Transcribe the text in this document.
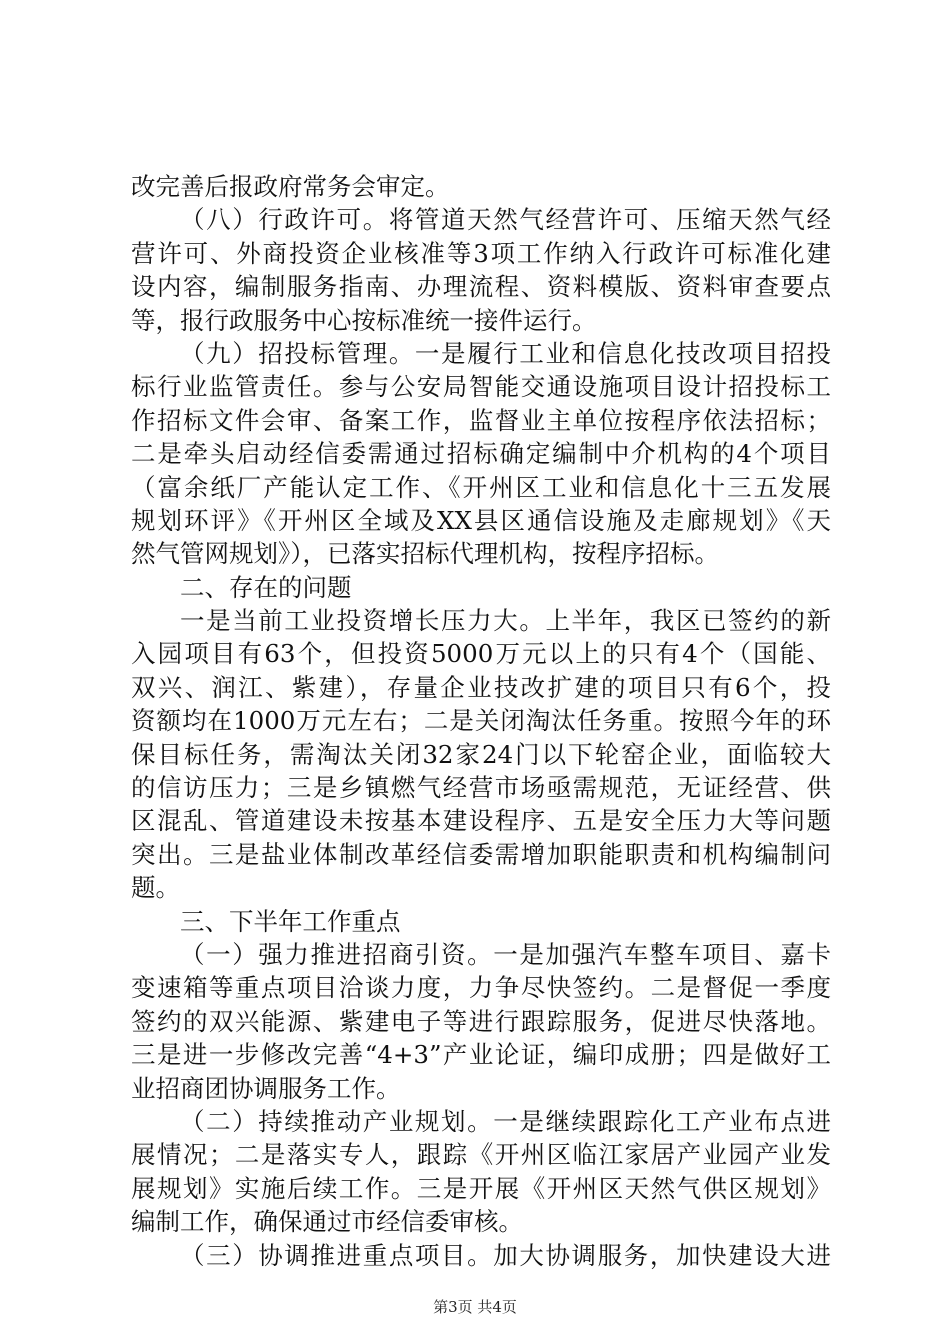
改完善后报政府常务会审定。
（八）行政许可。将管道天然气经营许可、压缩天然气经
营许可、外商投资企业核准等3项工作纳入行政许可标准化建
设内容，编制服务指南、办理流程、资料模版、资料审查要点
等，报行政服务中心按标准统一接件运行。
（九）招投标管理。一是履行工业和信息化技改项目招投
标行业监管责任。参与公安局智能交通设施项目设计招投标工
作招标文件会审、备案工作，监督业主单位按程序依法招标；
二是牵头启动经信委需通过招标确定编制中介机构的4个项目
（富余纸厂产能认定工作、《开州区工业和信息化十三五发展
规划环评》《开州区全域及XX县区通信设施及走廊规划》《天
然气管网规划》），已落实招标代理机构，按程序招标。
二、存在的问题
一是当前工业投资增长压力大。上半年，我区已签约的新
入园项目有63个，但投资5000万元以上的只有4个（国能、
双兴、润江、紫建），存量企业技改扩建的项目只有6个，投
资额均在1000万元左右；二是关闭淘汰任务重。按照今年的环
保目标任务，需淘汰关闭32家24门以下轮窑企业，面临较大
的信访压力；三是乡镇燃气经营市场亟需规范，无证经营、供
区混乱、管道建设未按基本建设程序、五是安全压力大等问题
突出。三是盐业体制改革经信委需增加职能职责和机构编制问
题。
三、下半年工作重点
（一）强力推进招商引资。一是加强汽车整车项目、嘉卡
变速箱等重点项目洽谈力度，力争尽快签约。二是督促一季度
签约的双兴能源、紫建电子等进行跟踪服务，促进尽快落地。
三是进一步修改完善“4+3”产业论证，编印成册；四是做好工
业招商团协调服务工作。
（二）持续推动产业规划。一是继续跟踪化工产业布点进
展情况；二是落实专人，跟踪《开州区临江家居产业园产业发
展规划》实施后续工作。三是开展《开州区天然气供区规划》
编制工作，确保通过市经信委审核。
（三）协调推进重点项目。加大协调服务，加快建设大进
第3页 共4页
